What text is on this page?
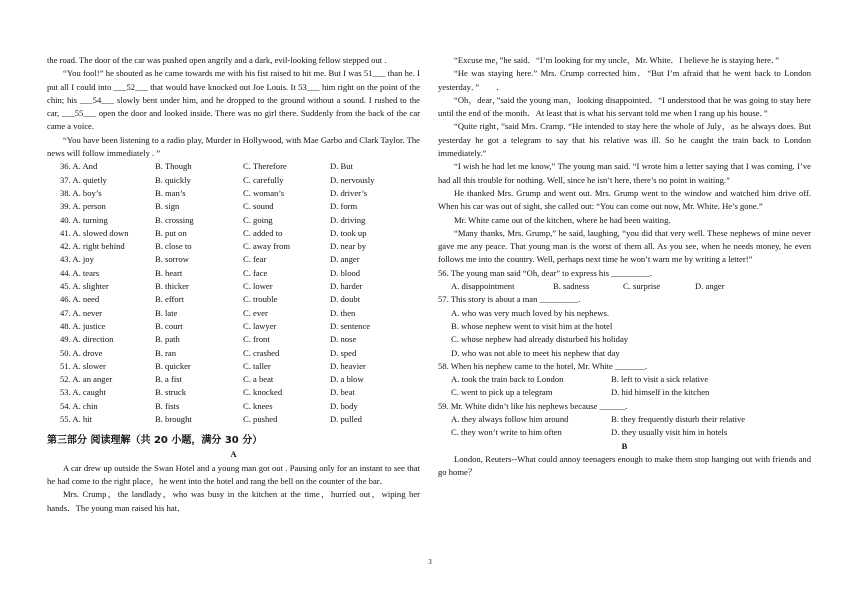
the road. The door of the car was pushed open angrily and a dark, evil-looking fellow stepped out .

“You fool!” he shouted as he came towards me with his fist raised to hit me. But I was 51___ than he. I put all I could into ___52___ that would have knocked out Joe Louis. It 53___ him right on the point of the chin; his ___54___ slowly bent under him, and he dropped to the ground without a sound. I rushed to the car, ___55___ open the door and looked inside. There was no girl there. Suddenly from the back of the car came a voice.

“You have been listening to a radio play, Murder in Hollywood, with Mae Garbo and Clark Taylor. The news will follow immediately . ”

36. A. And	B. Though	C. Therefore	D. But
37. A. quietly	B. quickly	C. carefully	D. nervously
38. A. boy’s	B. man’s	C. woman’s	D. driver’s
39. A. person	B. sign	C. sound	D. form
40. A. turning	B. crossing	C. going	D. driving
41. A. slowed down	B. put on	C. added to	D. took up
42. A. right behind	B. close to	C. away from	D. near by
43. A. joy	B. sorrow	C. fear	D. anger
44. A. tears	B. heart	C. face	D. blood
45. A. slighter	B. thicker	C. lower	D. harder
46. A. need	B. effort	C. trouble	D. doubt
47. A. never	B. late	C. ever	D. then
48. A. justice	B. court	C. lawyer	D. sentence
49. A. direction	B. path	C. front	D. nose
50. A. drove	B. ran	C. crashed	D. sped
51. A. slower	B. quicker	C. taller	D. heavier
52. A. an anger	B. a fist	C. a beat	D. a blow
53. A. caught	B. struck	C. knocked	D. beat
54. A. chin	B. fists	C. knees	D. body
55. A. hit	B. brought	C. pushed	D. pulled
第三部分 阅读理解（共 20 小题，满分 30 分）
A

A car drew up outside the Swan Hotel and a young man got out . Pausing only for an instant to see that he had come to the right place，he went into the hotel and rang the bell on the counter of the bar．

Mrs. Crump，the landlady，who was busy in the kitchen at the time，hurried out，wiping her hands．The young man raised his hat．

“Excuse me，”he said．“I’m looking for my uncle，Mr. White．I believe he is staying here．”

“He was staying here.” Mrs. Crump corrected him．“But I’m afraid that he went back to London yesterday．”　　．

“Oh，dear，”said the young man，looking disappointed．“I understood that he was going to stay here until the end of the month．At least that is what his servant told me when I rang up his house．”

“Quite right，”said Mrs. Cramp. “He intended to stay here the whole of July，as he always does. But yesterday he got a telegram to say that his relative was ill. So he caught the train back to London immediately.”

“I wish he had let me know,” The young man said. “I wrote him a letter saying that I was coming. I’ve had all this trouble for nothing. Well, since he isn’t here, there’s no point in waiting.”

He thanked Mrs. Grump and went out. Mrs. Grump went to the window and watched him drive off. When his car was out of sight, she called out: “You can come out now, Mr. White. He’s gone.”

Mr. White came out of the kitchen, where he had been waiting.

“Many thanks, Mrs. Grump,” he said, laughing, “you did that very well. These nephews of mine never gave me any peace. That young man is the worst of them all. As you see, when he needs money, he even follows me into the country. Well, perhaps next time he won’t warn me by writing a letter!”

56. The young man said “Oh, dear” to express his _________.
A. disappointment	B. sadness	C. surprise	D. anger
57. This story is about a man _________.
A. who was very much loved by his nephews.
B. whose nephew went to visit him at the hotel
C. whose nephew had already disturbed his holiday
D. who was not able to meet his nephew that day
58. When his nephew came to the hotel, Mr. White _______.
A. took the train back to London	B. left to visit a sick relative
C. went to pick up a telegram	D. hid himself in the kitchen
59. Mr. White didn’t like his nephews because ______.
A. they always follow him around	B. they frequently disturb their relative
C. they won’t write to him often	D. they usually visit him in hotels
B

London, Reuters--What could annoy teenagers enough to make them stop hanging out with friends and go home？

3
